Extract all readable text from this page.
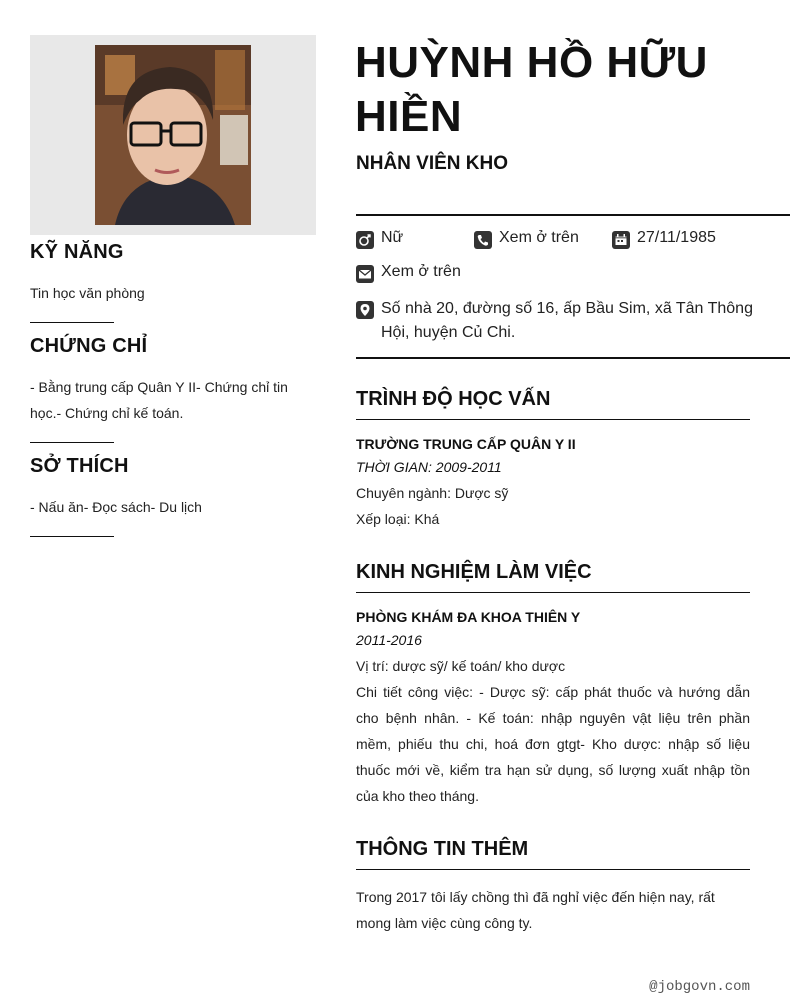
KỸ NĂNG
Tin học văn phòng
CHỨNG CHỈ
- Bằng trung cấp Quân Y II- Chứng chỉ tin học.- Chứng chỉ kế toán.
SỞ THÍCH
- Nấu ăn- Đọc sách- Du lịch
HUỲNH HỒ HỮU HIỀN
NHÂN VIÊN KHO
Nữ	Xem ở trên	27/11/1985
Xem ở trên
Số nhà 20, đường số 16, ấp Bầu Sim, xã Tân Thông Hội, huyện Củ Chi.
TRÌNH ĐỘ HỌC VẤN
TRƯỜNG TRUNG CẤP QUÂN Y II
THỜI GIAN: 2009-2011
Chuyên ngành: Dược sỹ
Xếp loại: Khá
KINH NGHIỆM LÀM VIỆC
PHÒNG KHÁM ĐA KHOA THIÊN Y
2011-2016
Vị trí: dược sỹ/ kế toán/ kho dược
Chi tiết công việc: - Dược sỹ: cấp phát thuốc và hướng dẫn cho bệnh nhân. - Kế toán: nhập nguyên vật liệu trên phần mềm, phiếu thu chi, hoá đơn gtgt- Kho dược: nhập số liệu thuốc mới về, kiểm tra hạn sử dụng, số lượng xuất nhập tồn của kho theo tháng.
THÔNG TIN THÊM
Trong 2017 tôi lấy chồng thì đã nghỉ việc đến hiện nay, rất mong làm việc cùng công ty.
@jobgovn.com
